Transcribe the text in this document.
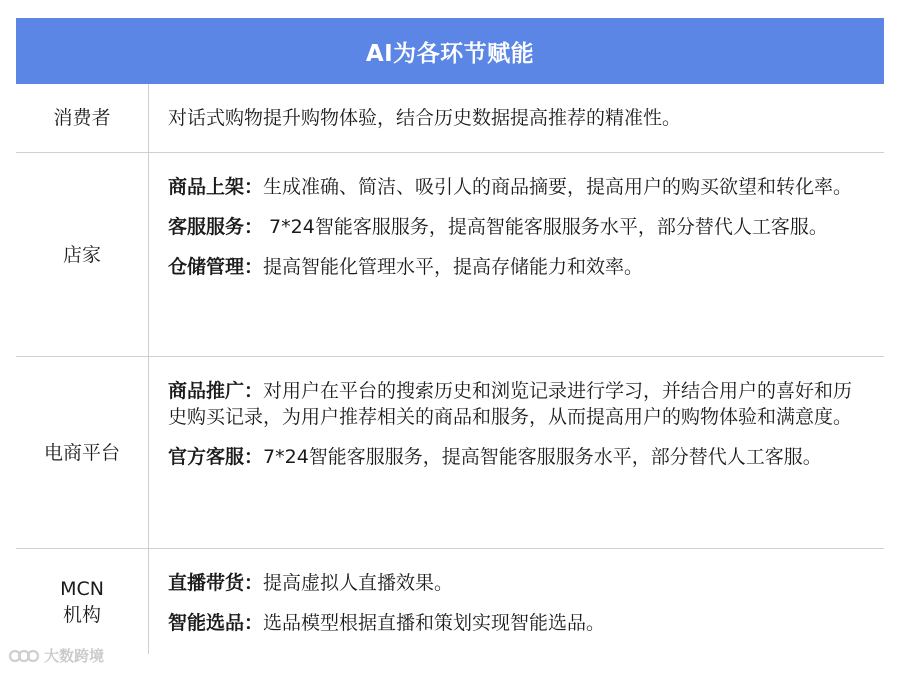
AI为各环节赋能
消费者	对话式购物提升购物体验，结合历史数据提高推荐的精准性。

店家

商品上架：生成准确、简洁、吸引人的商品摘要，提高用户的购买欲望和转化率。

客服服务： 7*24智能客服服务，提高智能客服服务水平，部分替代人工客服。

仓储管理：提高智能化管理水平，提高存储能力和效率。

电商平台

商品推广：对用户在平台的搜索历史和浏览记录进行学习，并结合用户的喜好和历史购买记录，为用户推荐相关的商品和服务，从而提高用户的购物体验和满意度。

官方客服：7*24智能客服服务，提高智能客服服务水平，部分替代人工客服。

MCN
机构

直播带货：提高虚拟人直播效果。

智能选品：选品模型根据直播和策划实现智能选品。

大数跨境
